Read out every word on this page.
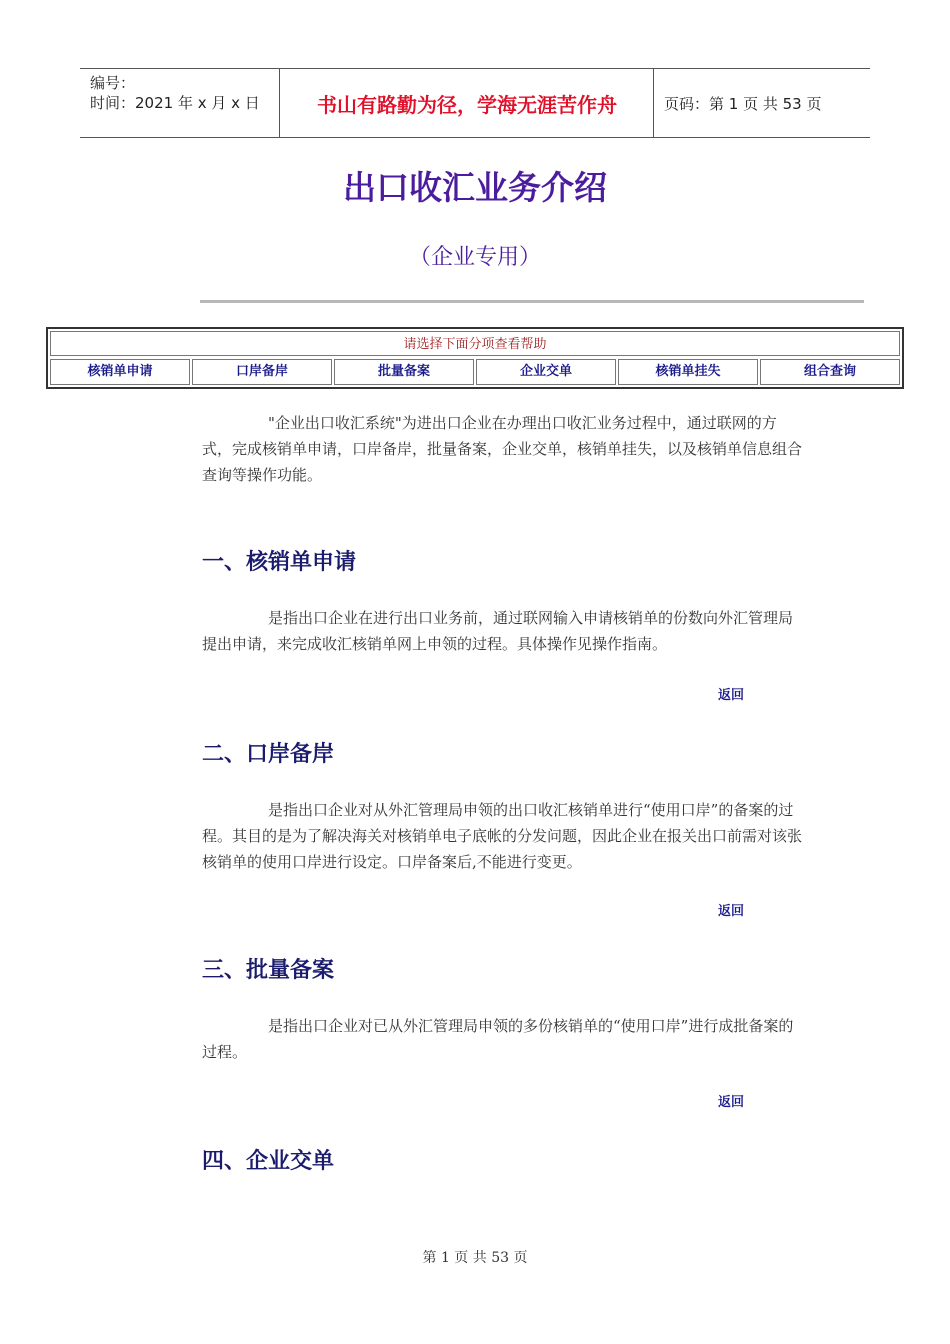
编号：
时间：2021 年 x 月 x 日	书山有路勤为径，学海无涯苦作舟	页码：第 1 页 共 53 页
出口收汇业务介绍
（企业专用）
请选择下面分项查看帮助
核销单申请	口岸备岸	批量备案	企业交单	核销单挂失	组合查询
"企业出口收汇系统"为进出口企业在办理出口收汇业务过程中，通过联网的方式，完成核销单申请，口岸备岸，批量备案，企业交单，核销单挂失，以及核销单信息组合查询等操作功能。
一、核销单申请
是指出口企业在进行出口业务前，通过联网输入申请核销单的份数向外汇管理局提出申请，来完成收汇核销单网上申领的过程。具体操作见操作指南。
返回
二、口岸备岸
是指出口企业对从外汇管理局申领的出口收汇核销单进行“使用口岸”的备案的过程。其目的是为了解决海关对核销单电子底帐的分发问题，因此企业在报关出口前需对该张核销单的使用口岸进行设定。口岸备案后,不能进行变更。
返回
三、批量备案
是指出口企业对已从外汇管理局申领的多份核销单的“使用口岸”进行成批备案的过程。
返回
四、企业交单
第 1 页 共 53 页
